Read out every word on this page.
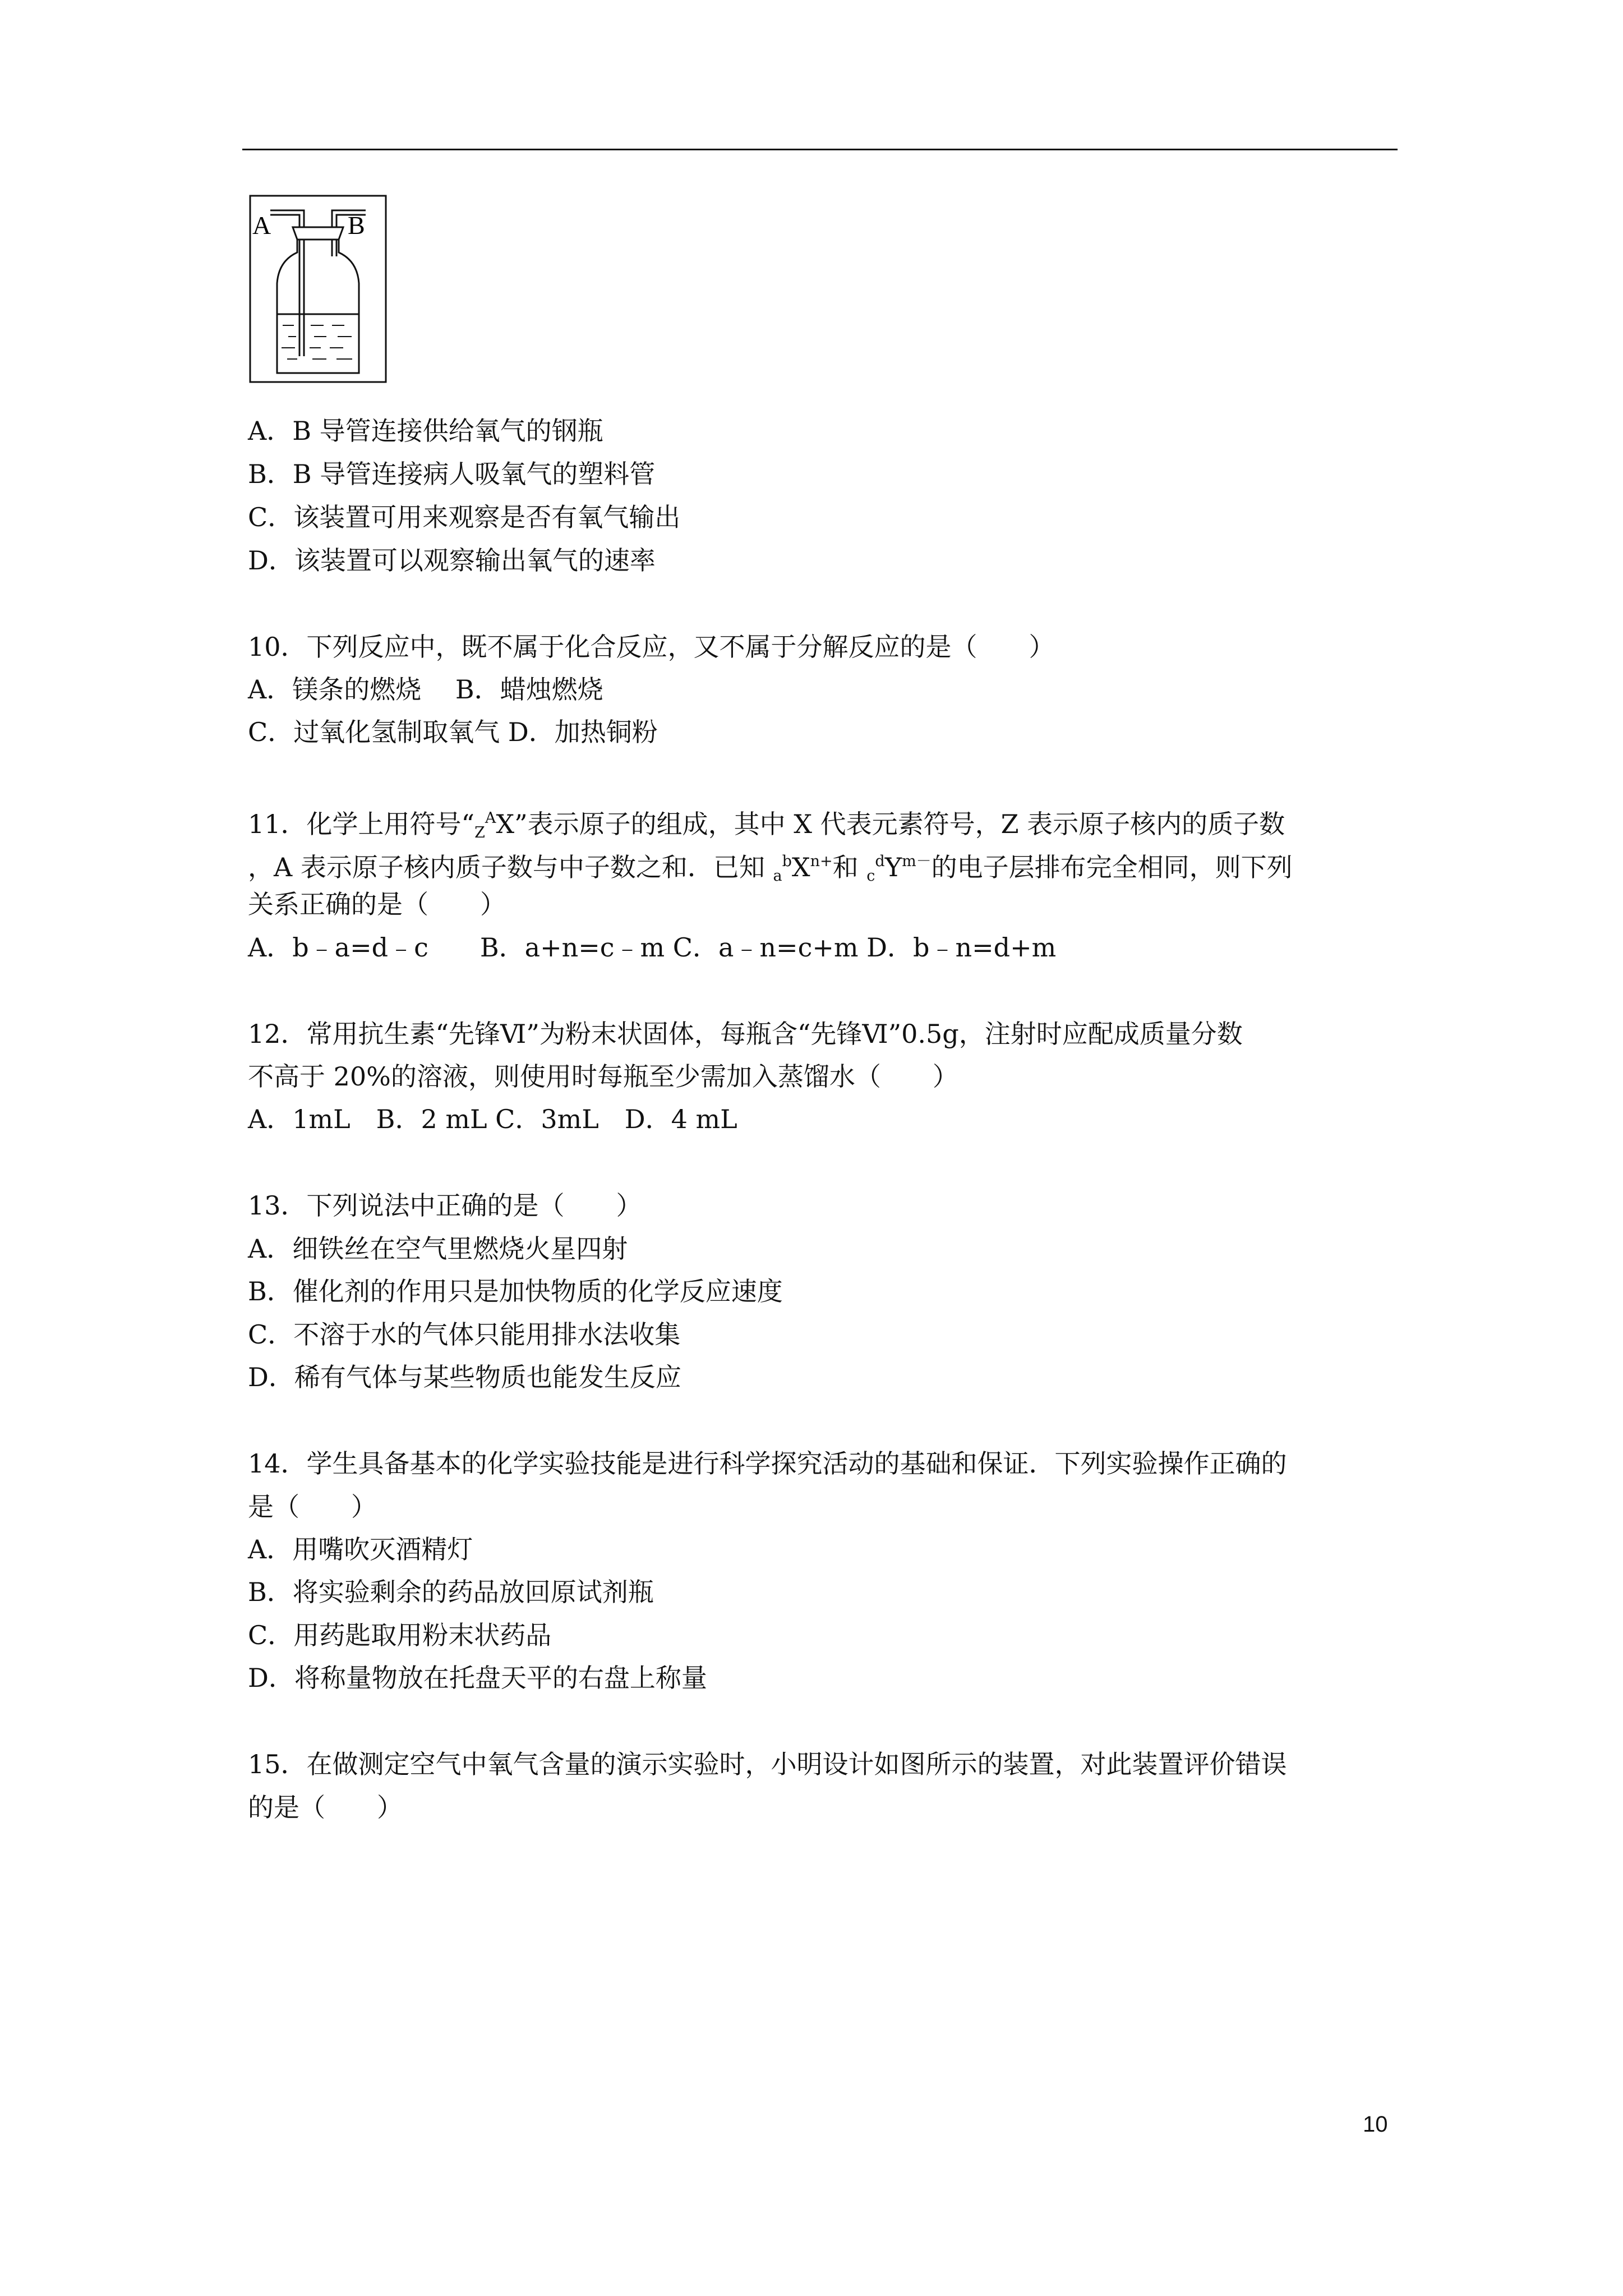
A	B
A．B 导管连接供给氧气的钢瓶
B．B 导管连接病人吸氧气的塑料管
C．该装置可用来观察是否有氧气输出
D．该装置可以观察输出氧气的速率
10．下列反应中，既不属于化合反应，又不属于分解反应的是（　　）
A．镁条的燃烧　 B．蜡烛燃烧
C．过氧化氢制取氧气 D．加热铜粉
11．化学上用符号“$_Z^AX$”表示原子的组成，其中 X 代表元素符号，Z 表示原子核内的质子数
，A 表示原子核内质子数与中子数之和．已知 $_a^bX^{n+}$和 $_c^dY^{m-}$的电子层排布完全相同，则下列
关系正确的是（　　）
A．b﹣a=d﹣c　　B．a+n=c﹣m C．a﹣n=c+m D．b﹣n=d+m
12．常用抗生素“先锋Ⅵ”为粉末状固体，每瓶含“先锋Ⅵ”0.5g，注射时应配成质量分数
不高于 20%的溶液，则使用时每瓶至少需加入蒸馏水（　　）
A．1mL　B．2 mL C．3mL　D．4 mL
13．下列说法中正确的是（　　）
A．细铁丝在空气里燃烧火星四射
B．催化剂的作用只是加快物质的化学反应速度
C．不溶于水的气体只能用排水法收集
D．稀有气体与某些物质也能发生反应
14．学生具备基本的化学实验技能是进行科学探究活动的基础和保证．下列实验操作正确的
是（　　）
A．用嘴吹灭酒精灯
B．将实验剩余的药品放回原试剂瓶
C．用药匙取用粉末状药品
D．将称量物放在托盘天平的右盘上称量
15．在做测定空气中氧气含量的演示实验时，小明设计如图所示的装置，对此装置评价错误
的是（　　）
10
